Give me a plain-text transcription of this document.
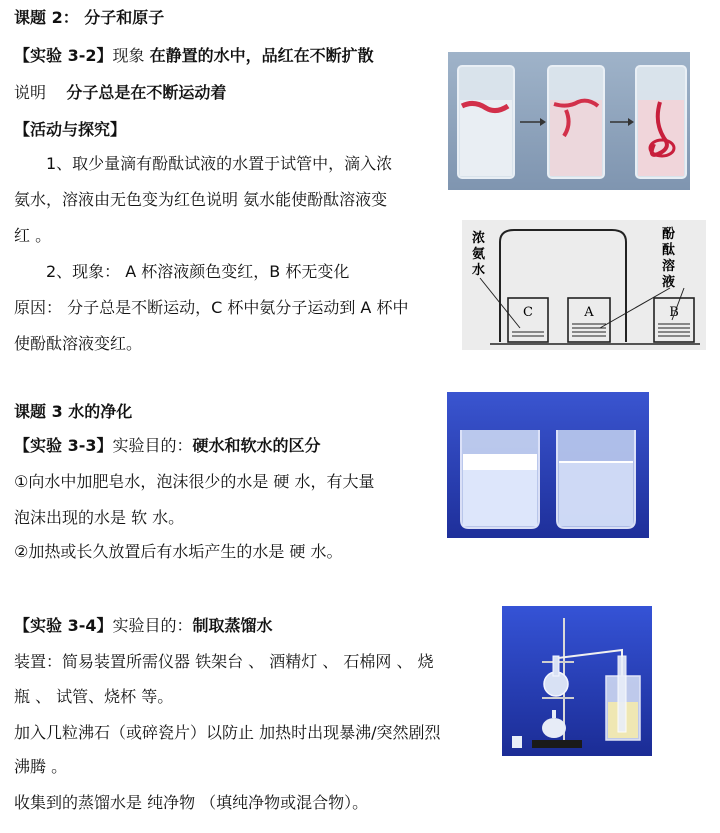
课题 2： 分子和原子
【实验 3-2】现象 在静置的水中，品红在不断扩散
说明    分子总是在不断运动着
【活动与探究】
1、取少量滴有酚酞试液的水置于试管中，滴入浓
氨水，溶液由无色变为红色说明 氨水能使酚酞溶液变
红 。
2、现象： A 杯溶液颜色变红，B 杯无变化
原因： 分子总是不断运动，C 杯中氨分子运动到 A 杯中
使酚酞溶液变红。
C	A	B
浓
氨
水
酚
酞
溶
液
课题 3 水的净化
【实验 3-3】实验目的：硬水和软水的区分
①向水中加肥皂水，泡沫很少的水是 硬 水，有大量
泡沫出现的水是 软 水。
②加热或长久放置后有水垢产生的水是 硬 水。
【实验 3-4】实验目的：制取蒸馏水
装置：简易装置所需仪器 铁架台 、 酒精灯 、 石棉网 、 烧
瓶 、 试管、烧杯 等。
加入几粒沸石（或碎瓷片）以防止 加热时出现暴沸/突然剧烈
沸腾 。
收集到的蒸馏水是 纯净物 （填纯净物或混合物）。
